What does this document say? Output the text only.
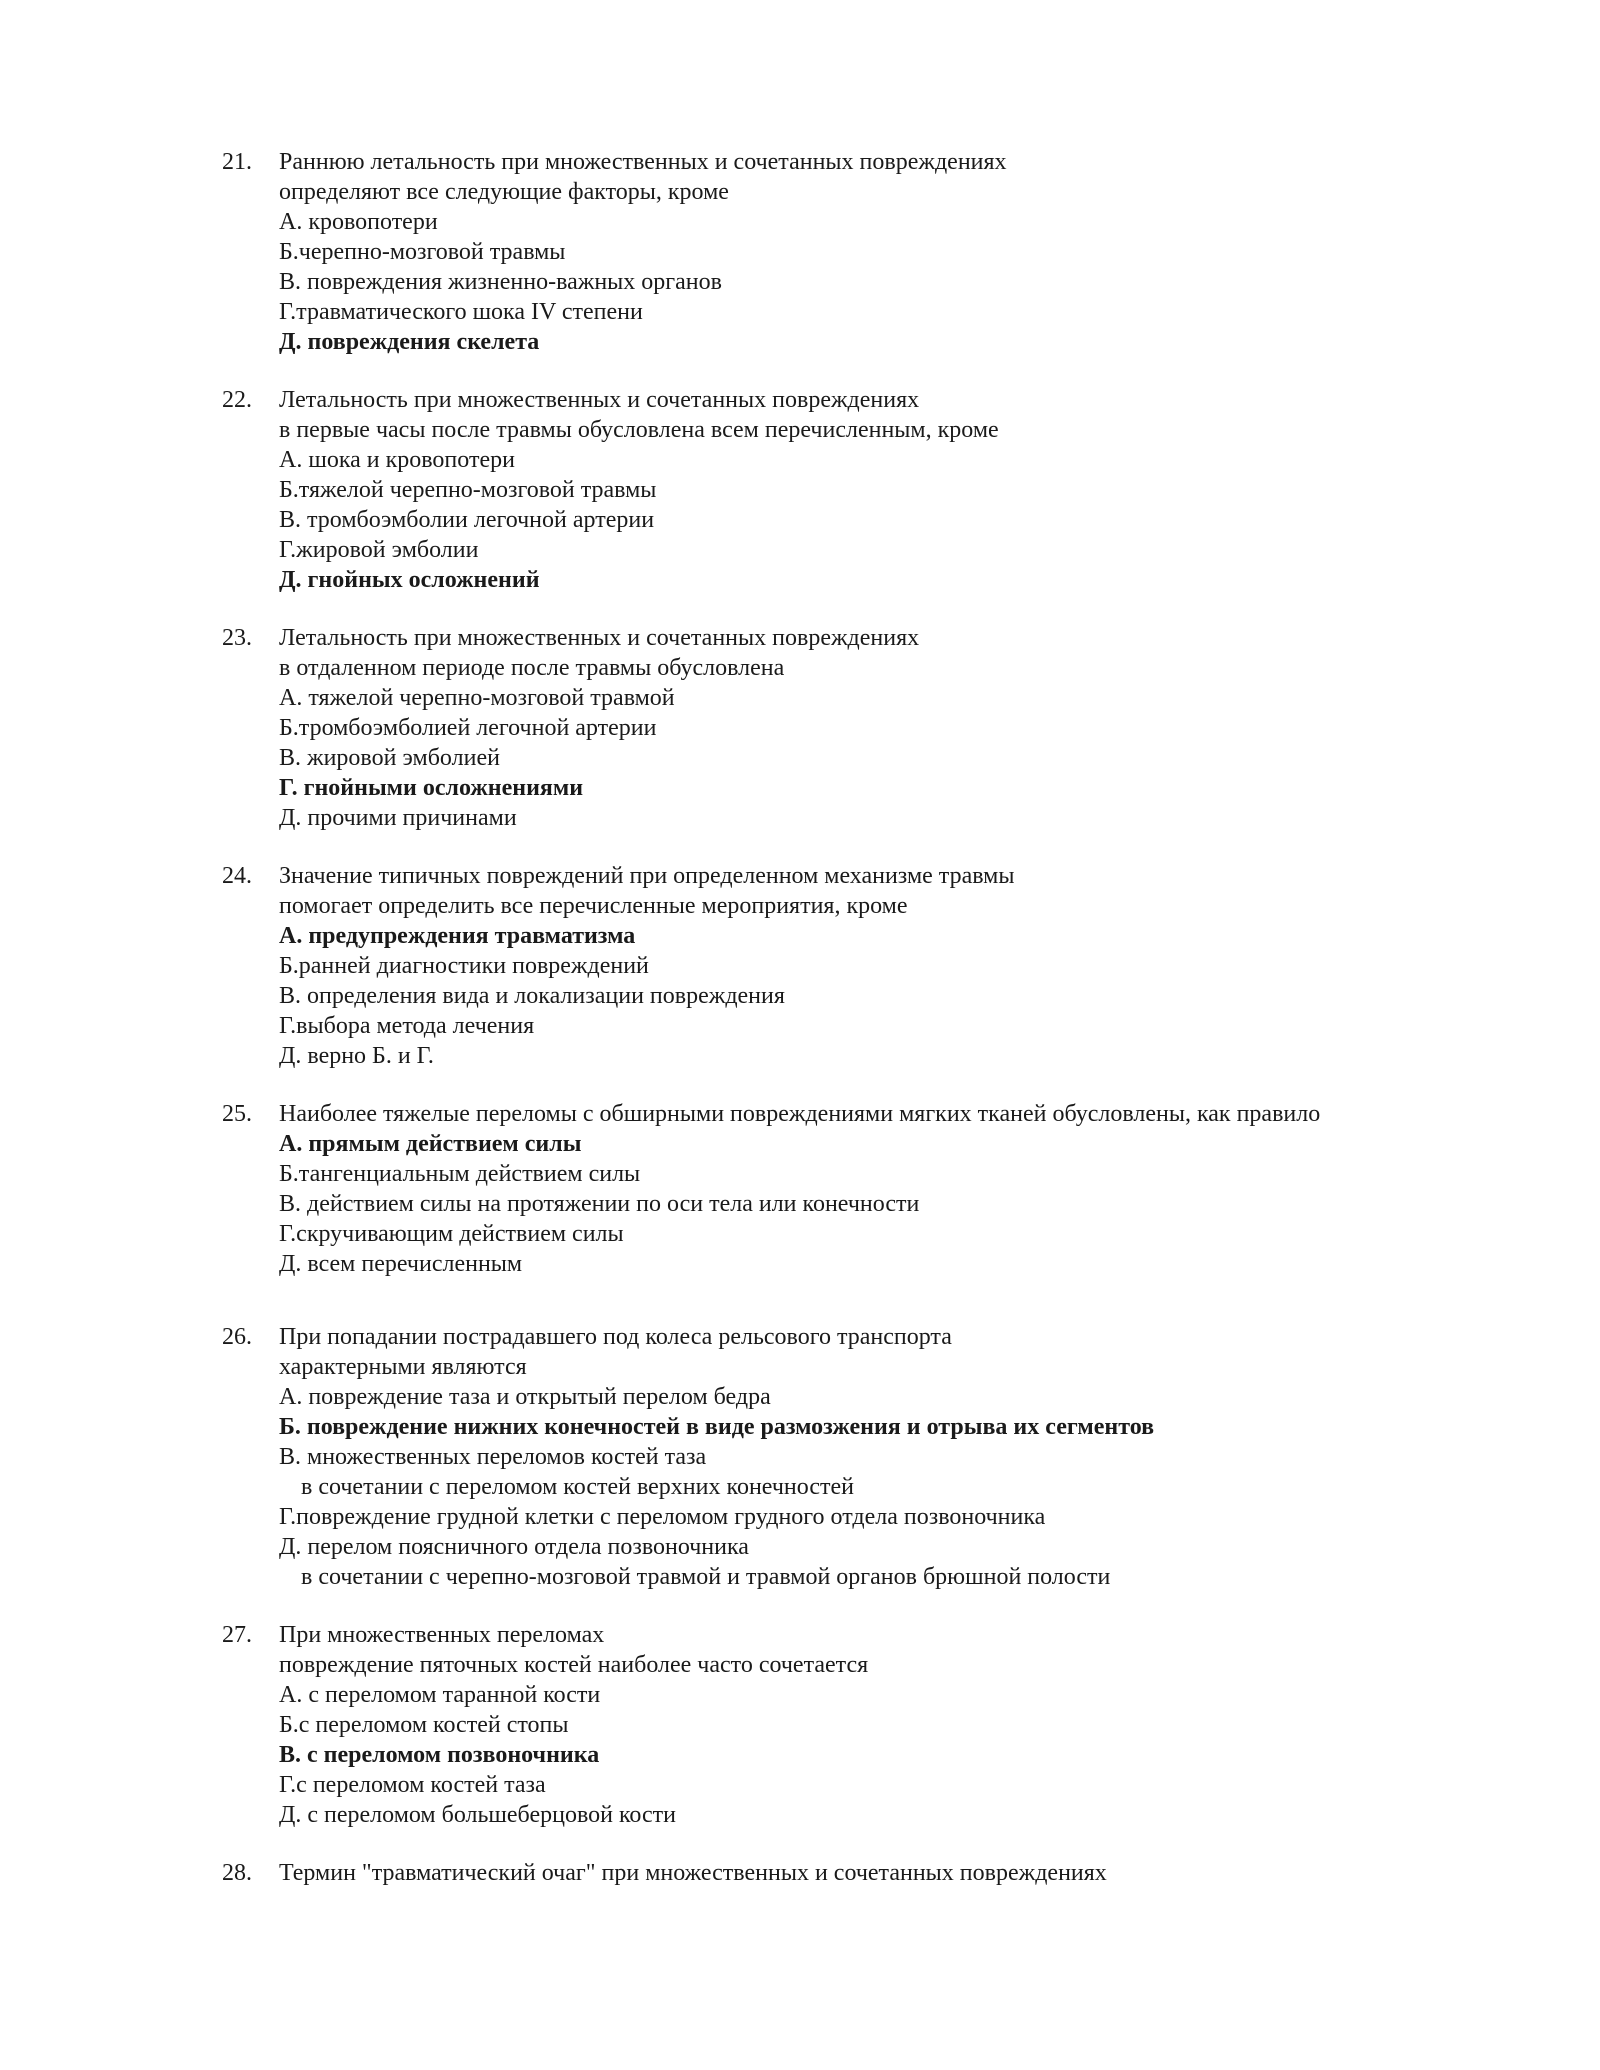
21. Раннюю летальность при множественных и сочетанных повреждениях
определяют все следующие факторы, кроме
А. кровопотери
Б.черепно-мозговой травмы
В. повреждения жизненно-важных органов
Г.травматического шока IV степени
Д. повреждения скелета
22. Летальность при множественных и сочетанных повреждениях
в первые часы после травмы обусловлена всем перечисленным, кроме
А. шока и кровопотери
Б.тяжелой черепно-мозговой травмы
В. тромбоэмболии легочной артерии
Г.жировой эмболии
Д. гнойных осложнений
23. Летальность при множественных и сочетанных повреждениях
в отдаленном периоде после травмы обусловлена
А. тяжелой черепно-мозговой травмой
Б.тромбоэмболией легочной артерии
В. жировой эмболией
Г. гнойными осложнениями
Д. прочими причинами
24. Значение типичных повреждений при определенном механизме травмы
помогает определить все перечисленные мероприятия, кроме
А. предупреждения травматизма
Б.ранней диагностики повреждений
В. определения вида и локализации повреждения
Г.выбора метода лечения
Д. верно Б. и Г.
25. Наиболее тяжелые переломы с обширными повреждениями мягких тканей обусловлены, как правило
А. прямым действием силы
Б.тангенциальным действием силы
В. действием силы на протяжении по оси тела или конечности
Г.скручивающим действием силы
Д. всем перечисленным
26. При попадании пострадавшего под колеса рельсового транспорта
характерными являются
А. повреждение таза и открытый перелом бедра
Б. повреждение нижних конечностей в виде размозжения и отрыва их сегментов
В. множественных переломов костей таза
в сочетании с переломом костей верхних конечностей
Г.повреждение грудной клетки с переломом грудного отдела позвоночника
Д. перелом поясничного отдела позвоночника
в сочетании с черепно-мозговой травмой и травмой органов брюшной полости
27. При множественных переломах
повреждение пяточных костей наиболее часто сочетается
А. с переломом таранной кости
Б.с переломом костей стопы
В. с переломом позвоночника
Г.с переломом костей таза
Д. с переломом большеберцовой кости
28. Термин "травматический очаг" при множественных и сочетанных повреждениях
